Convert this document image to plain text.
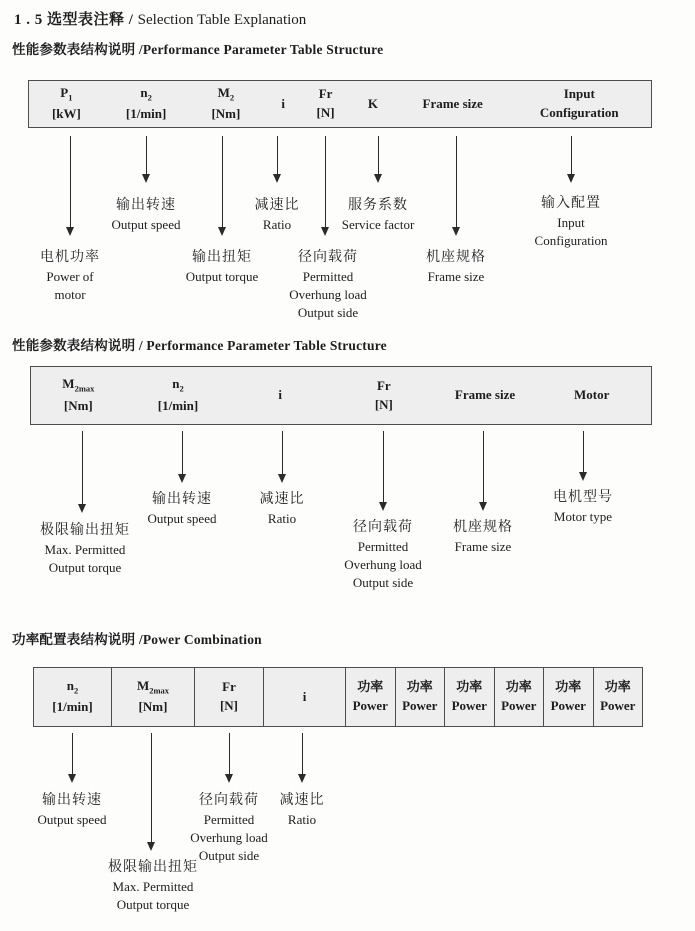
1 . 5 选型表注释 / Selection Table Explanation
性能参数表结构说明 /Performance Parameter Table Structure
$P_1$
[kW]
$n_2$
[1/min]
$M_2$
[Nm]
i
Fr
[N]
K	Frame size
Input
Configuration
电机功率
Power of
motor
输出转速
Output speed
输出扭矩
Output torque
减速比
Ratio
径向载荷
Permitted
Overhung load
Output side
服务系数
Service factor
机座规格
Frame size
输入配置
Input
Configuration
性能参数表结构说明 / Performance Parameter Table Structure
$M_{2max}$
[Nm]
$n_2$
[1/min]
i
Fr
[N]
Frame size	Motor
极限输出扭矩
Max. Permitted
Output torque
输出转速
Output speed
减速比
Ratio
径向载荷
Permitted
Overhung load
Output side
机座规格
Frame size
电机型号
Motor type
功率配置表结构说明 /Power Combination
$n_2$
[1/min]
$M_{2max}$
[Nm]
Fr
[N]
i
功率
Power
功率
Power
功率
Power
功率
Power
功率
Power
功率
Power
输出转速
Output speed
极限输出扭矩
Max. Permitted
Output torque
径向载荷
Permitted
Overhung load
Output side
减速比
Ratio
